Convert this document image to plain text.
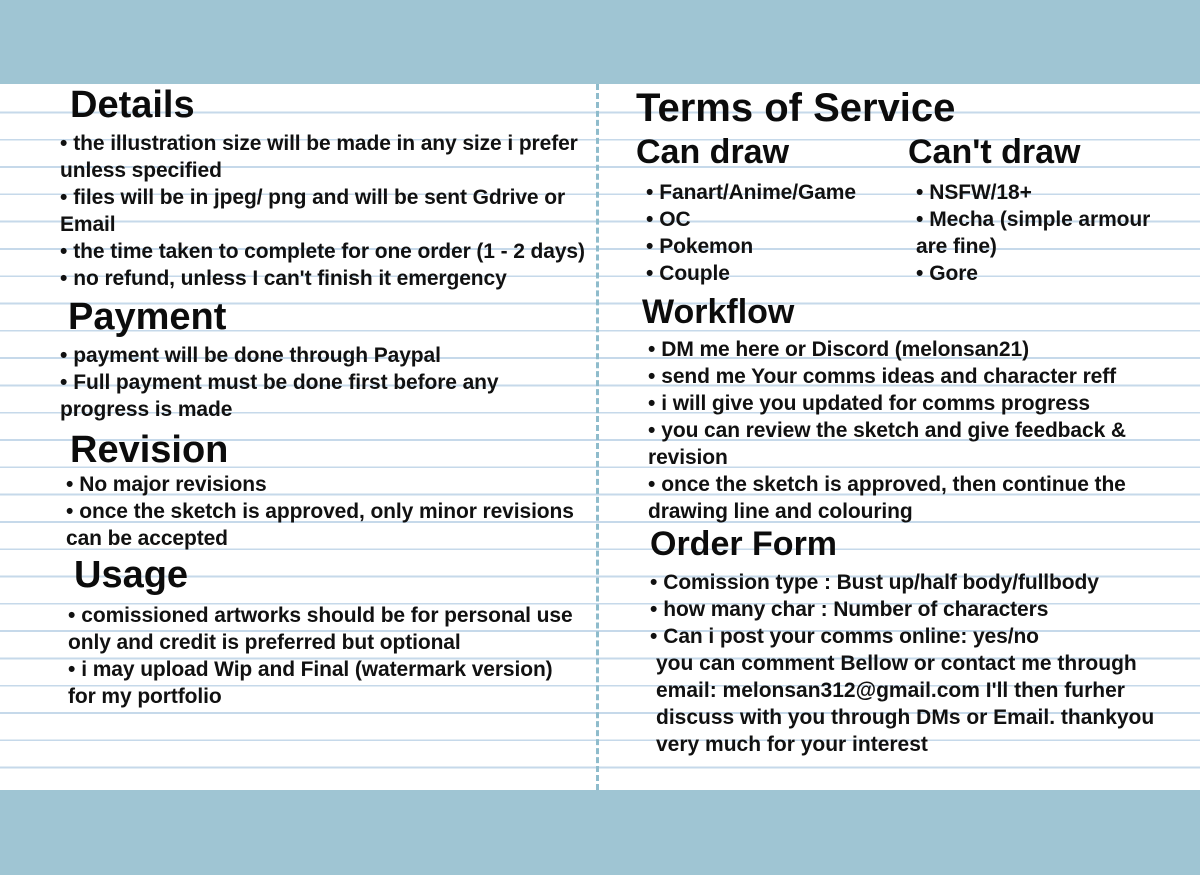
Details
• the illustration size will be made in any size i prefer unless specified
• files will be in jpeg/ png and will be sent Gdrive or Email
• the time taken to complete for one order (1 - 2 days)
• no refund, unless I can't finish it emergency
Payment
• payment will be done through Paypal
• Full payment must be done first before any progress is made
Revision
• No major revisions
• once the sketch is approved, only minor revisions can be accepted
Usage
• comissioned artworks should be for personal use only and credit is preferred but optional
• i may upload Wip and Final (watermark version) for my portfolio
Terms of Service
Can draw
• Fanart/Anime/Game
• OC
• Pokemon
• Couple
Can't draw
• NSFW/18+
• Mecha (simple armour are fine)
• Gore
Workflow
• DM me here or Discord (melonsan21)
• send me Your comms ideas and character reff
• i will give you updated for comms progress
• you can review the sketch and give feedback & revision
• once the sketch is approved, then continue the drawing line and colouring
Order Form
• Comission type : Bust up/half body/fullbody
• how many char : Number of characters
• Can i post your comms online: yes/no
you can comment Bellow or contact me through email: melonsan312@gmail.com I'll then furher discuss with you through DMs or Email. thankyou very much for your interest
